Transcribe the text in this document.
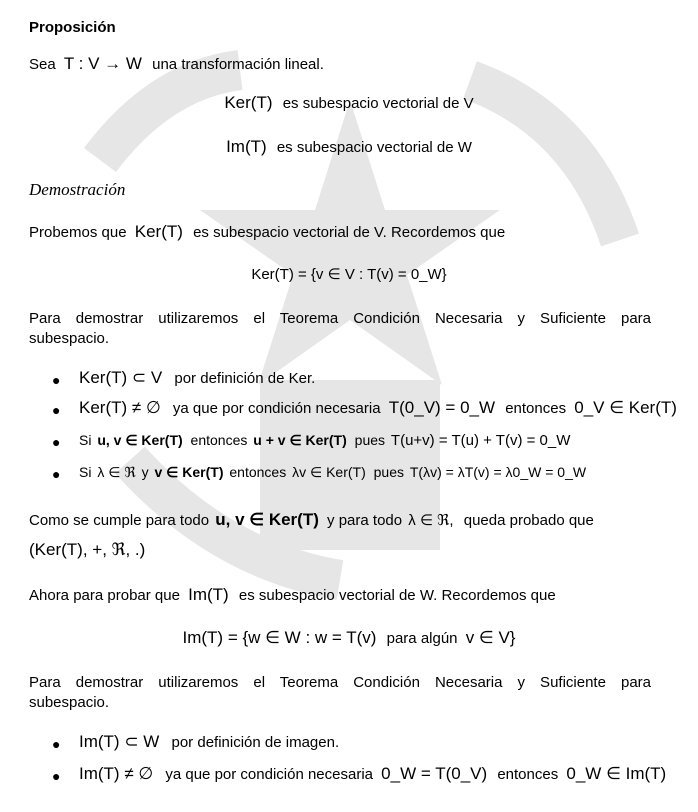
Proposición
Sea T : V → W una transformación lineal.
Ker(T) es subespacio vectorial de V
Im(T) es subespacio vectorial de W
Demostración
Probemos que Ker(T) es subespacio vectorial de V. Recordemos que
Ker(T) = {v ∈ V : T(v) = 0_W}
Para demostrar utilizaremos el Teorema Condición Necesaria y Suficiente para
subespacio.
● Ker(T) ⊂ V por definición de Ker.
● Ker(T) ≠ ∅ ya que por condición necesaria T(0_V) = 0_W entonces 0_V ∈ Ker(T)
● Si u, v ∈ Ker(T) entonces u + v ∈ Ker(T) pues T(u+v) = T(u) + T(v) = 0_W
● Si λ ∈ ℜ y v ∈ Ker(T) entonces λv ∈ Ker(T) pues T(λv) = λT(v) = λ0_W = 0_W
Como se cumple para todo u, v ∈ Ker(T) y para todo λ ∈ ℜ, queda probado que
(Ker(T), +, ℜ, .)
Ahora para probar que Im(T) es subespacio vectorial de W. Recordemos que
Im(T) = {w ∈ W : w = T(v) para algún v ∈ V}
Para demostrar utilizaremos el Teorema Condición Necesaria y Suficiente para
subespacio.
● Im(T) ⊂ W por definición de imagen.
● Im(T) ≠ ∅ ya que por condición necesaria 0_W = T(0_V) entonces 0_W ∈ Im(T)
